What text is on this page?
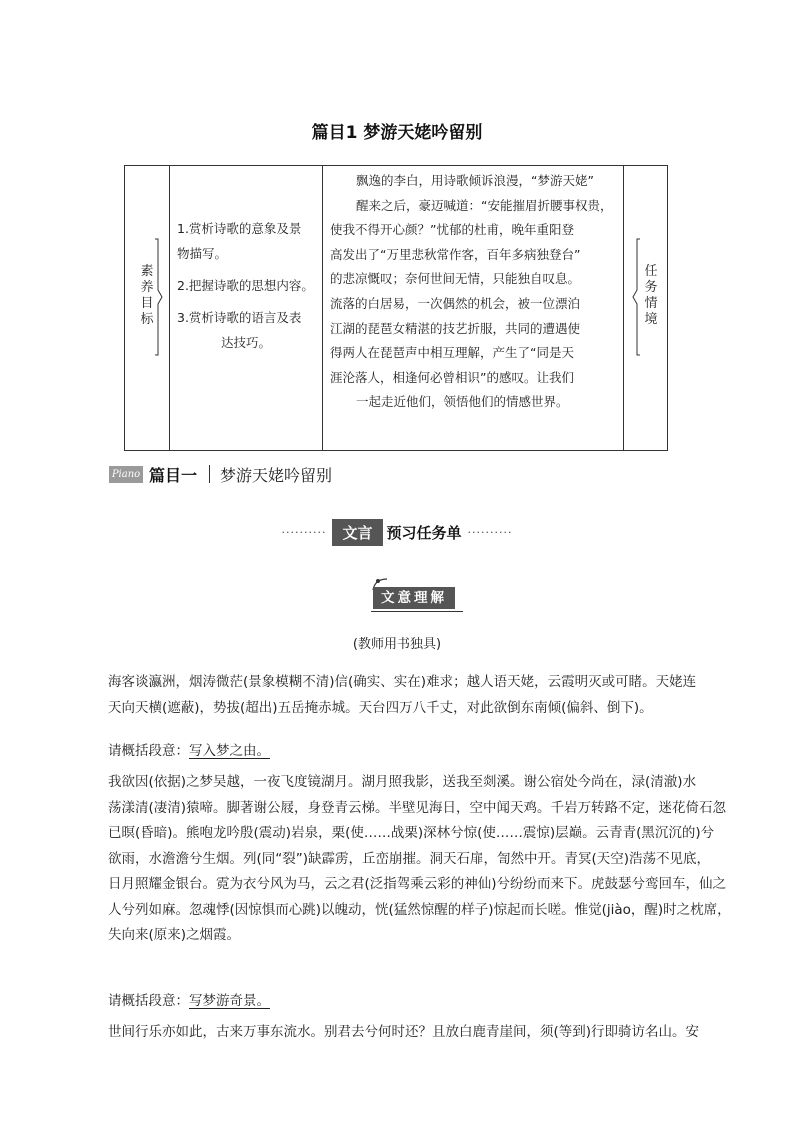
篇目1 梦游天姥吟留别
素养目标
1.赏析诗歌的意象及景
物描写。
2.把握诗歌的思想内容。
3.赏析诗歌的语言及表
达技巧。
飘逸的李白，用诗歌倾诉浪漫，“梦游天姥”
醒来之后，豪迈喊道：“安能摧眉折腰事权贵，
使我不得开心颜？”忧郁的杜甫，晚年重阳登
高发出了“万里悲秋常作客，百年多病独登台”
的悲凉慨叹；奈何世间无情，只能独自叹息。
流落的白居易，一次偶然的机会，被一位漂泊
江湖的琵琶女精湛的技艺折服，共同的遭遇使
得两人在琵琶声中相互理解，产生了“同是天
涯沦落人，相逢何必曾相识”的感叹。让我们
一起走近他们，领悟他们的情感世界。
任务情境
Piano 篇目一 梦游天姥吟留别
··········	文言 预习任务单 ··········
文意理解
(教师用书独具)
海客谈瀛洲，烟涛微茫(景象模糊不清)信(确实、实在)难求；越人语天姥，云霞明灭或可睹。天姥连
天向天横(遮蔽)，势拔(超出)五岳掩赤城。天台四万八千丈，对此欲倒东南倾(偏斜、倒下)。
请概括段意：写入梦之由。
我欲因(依据)之梦吴越，一夜飞度镜湖月。湖月照我影，送我至剡溪。谢公宿处今尚在，渌(清澈)水
荡漾清(凄清)猿啼。脚著谢公屐，身登青云梯。半壁见海日，空中闻天鸡。千岩万转路不定，迷花倚石忽
已暝(昏暗)。熊咆龙吟殷(震动)岩泉，栗(使……战栗)深林兮惊(使……震惊)层巅。云青青(黑沉沉的)兮
欲雨，水澹澹兮生烟。列(同“裂”)缺霹雳，丘峦崩摧。洞天石扉，訇然中开。青冥(天空)浩荡不见底，
日月照耀金银台。霓为衣兮风为马，云之君(泛指驾乘云彩的神仙)兮纷纷而来下。虎鼓瑟兮鸾回车，仙之
人兮列如麻。忽魂悸(因惊惧而心跳)以魄动，恍(猛然惊醒的样子)惊起而长嗟。惟觉(jiào，醒)时之枕席，
失向来(原来)之烟霞。
请概括段意：写梦游奇景。
世间行乐亦如此，古来万事东流水。别君去兮何时还？且放白鹿青崖间，须(等到)行即骑访名山。安
